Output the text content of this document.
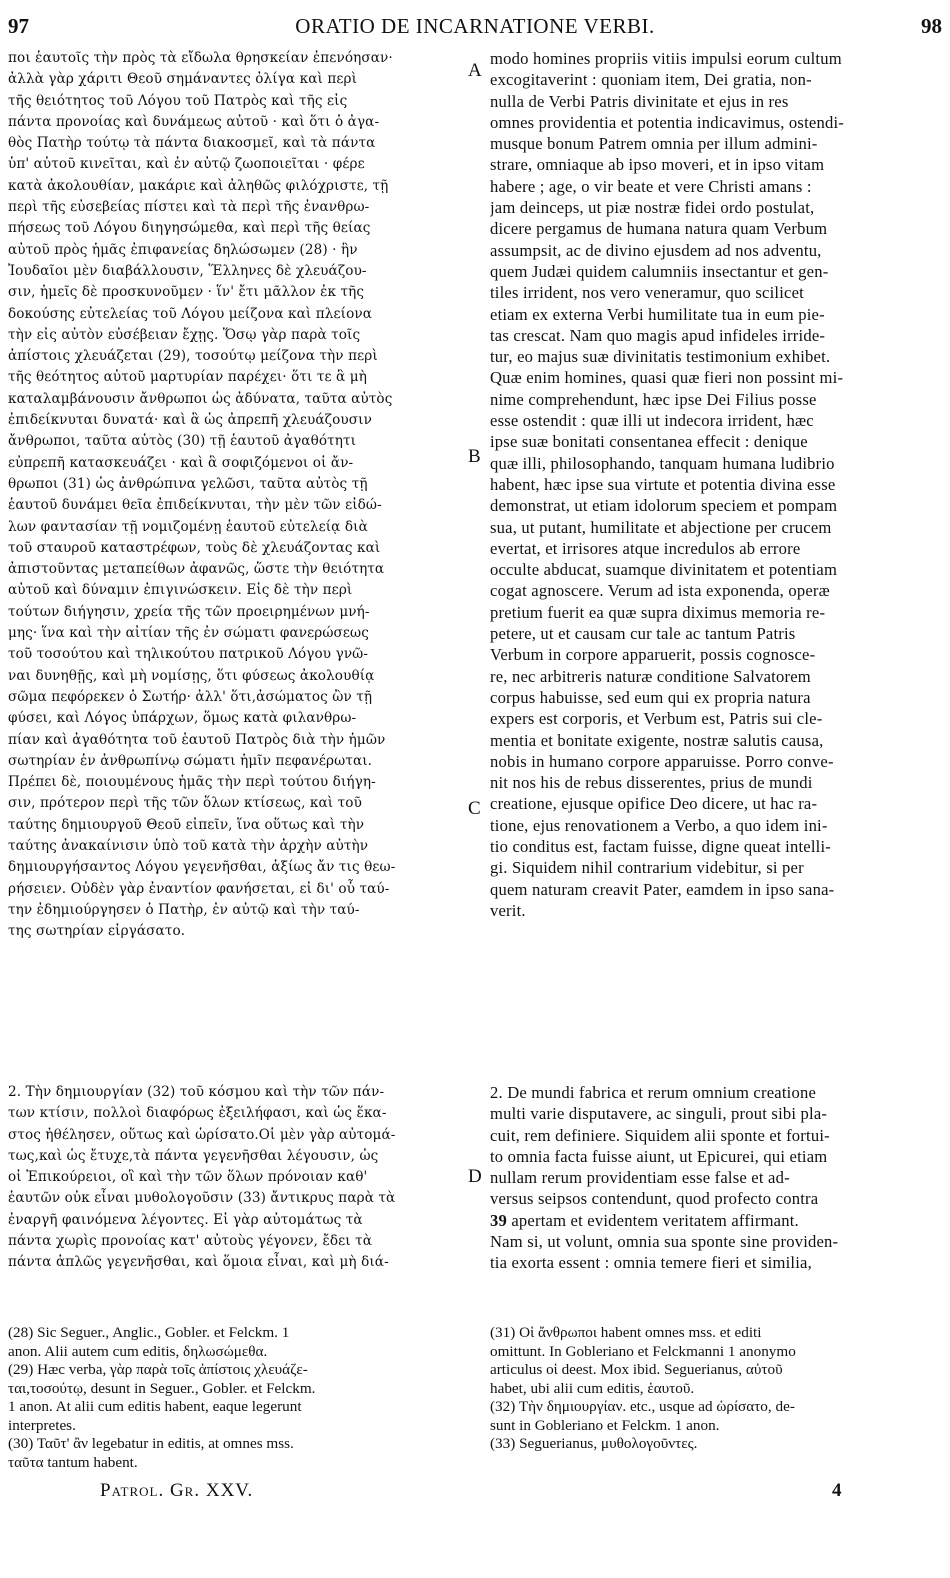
97	ORATIO DE INCARNATIONE VERBI.	98
ποι ἑαυτοῖς τὴν πρὸς τὰ εἴδωλα θρησκείαν ἐπενόησαν·
ἀλλὰ γὰρ χάριτι Θεοῦ σημάναντες ὀλίγα καὶ περὶ
τῆς θειότητος τοῦ Λόγου τοῦ Πατρὸς καὶ τῆς εἰς
πάντα προνοίας καὶ δυνάμεως αὐτοῦ · καὶ ὅτι ὁ ἀγα-
θὸς Πατὴρ τούτῳ τὰ πάντα διακοσμεῖ, καὶ τὰ πάντα
ὑπ' αὐτοῦ κινεῖται, καὶ ἐν αὐτῷ ζωοποιεῖται · φέρε
κατὰ ἀκολουθίαν, μακάριε καὶ ἀληθῶς φιλόχριστε, τῇ
περὶ τῆς εὐσεβείας πίστει καὶ τὰ περὶ τῆς ἐνανθρω-
πήσεως τοῦ Λόγου διηγησώμεθα, καὶ περὶ τῆς θείας
αὐτοῦ πρὸς ἡμᾶς ἐπιφανείας δηλώσωμεν (28) · ἣν
Ἰουδαῖοι μὲν διαβάλλουσιν, Ἕλληνες δὲ χλευάζου-
σιν, ἡμεῖς δὲ προσκυνοῦμεν · ἵν' ἔτι μᾶλλον ἐκ τῆς
δοκούσης εὐτελείας τοῦ Λόγου μείζονα καὶ πλείονα
τὴν εἰς αὐτὸν εὐσέβειαν ἔχῃς. Ὅσῳ γὰρ παρὰ τοῖς
ἀπίστοις χλευάζεται (29), τοσούτῳ μείζονα τὴν περὶ
τῆς θεότητος αὐτοῦ μαρτυρίαν παρέχει· ὅτι τε ἃ μὴ
καταλαμβάνουσιν ἄνθρωποι ὡς ἀδύνατα, ταῦτα αὐτὸς
ἐπιδείκνυται δυνατά· καὶ ἃ ὡς ἀπρεπῆ χλευάζουσιν
ἄνθρωποι, ταῦτα αὐτὸς (30) τῇ ἑαυτοῦ ἀγαθότητι
εὐπρεπῆ κατασκευάζει · καὶ ἃ σοφιζόμενοι οἱ ἄν-
θρωποι (31) ὡς ἀνθρώπινα γελῶσι, ταῦτα αὐτὸς τῇ
ἑαυτοῦ δυνάμει θεῖα ἐπιδείκνυται, τὴν μὲν τῶν εἰδώ-
λων φαντασίαν τῇ νομιζομένῃ ἑαυτοῦ εὐτελείᾳ διὰ
τοῦ σταυροῦ καταστρέφων, τοὺς δὲ χλευάζοντας καὶ
ἀπιστοῦντας μεταπείθων ἀφανῶς, ὥστε τὴν θειότητα
αὐτοῦ καὶ δύναμιν ἐπιγινώσκειν. Εἰς δὲ τὴν περὶ
τούτων διήγησιν, χρεία τῆς τῶν προειρημένων μνή-
μης· ἵνα καὶ τὴν αἰτίαν τῆς ἐν σώματι φανερώσεως
τοῦ τοσούτου καὶ τηλικούτου πατρικοῦ Λόγου γνῶ-
ναι δυνηθῇς, καὶ μὴ νομίσῃς, ὅτι φύσεως ἀκολουθίᾳ
σῶμα πεφόρεκεν ὁ Σωτήρ· ἀλλ' ὅτι,ἀσώματος ὢν τῇ
φύσει, καὶ Λόγος ὑπάρχων, ὅμως κατὰ φιλανθρω-
πίαν καὶ ἀγαθότητα τοῦ ἑαυτοῦ Πατρὸς διὰ τὴν ἡμῶν
σωτηρίαν ἐν ἀνθρωπίνῳ σώματι ἡμῖν πεφανέρωται.
Πρέπει δὲ, ποιουμένους ἡμᾶς τὴν περὶ τούτου διήγη-
σιν, πρότερον περὶ τῆς τῶν ὅλων κτίσεως, καὶ τοῦ
ταύτης δημιουργοῦ Θεοῦ εἰπεῖν, ἵνα οὕτως καὶ τὴν
ταύτης ἀνακαίνισιν ὑπὸ τοῦ κατὰ τὴν ἀρχὴν αὐτὴν
δημιουργήσαντος Λόγου γεγενῆσθαι, ἀξίως ἄν τις θεω-
ρήσειεν. Οὐδὲν γὰρ ἐναντίον φανήσεται, εἰ δι' οὗ ταύ-
την ἐδημιούργησεν ὁ Πατὴρ, ἐν αὐτῷ καὶ τὴν ταύ-
της σωτηρίαν εἰργάσατο.
modo homines propriis vitiis impulsi eorum cultum
excogitaverint : quoniam item, Dei gratia, non-
nulla de Verbi Patris divinitate et ejus in res
omnes providentia et potentia indicavimus, ostendi-
musque bonum Patrem omnia per illum admini-
strare, omniaque ab ipso moveri, et in ipso vitam
habere ; age, o vir beate et vere Christi amans :
jam deinceps, ut piæ nostræ fidei ordo postulat,
dicere pergamus de humana natura quam Verbum
assumpsit, ac de divino ejusdem ad nos adventu,
quem Judæi quidem calumniis insectantur et gen-
tiles irrident, nos vero veneramur, quo scilicet
etiam ex externa Verbi humilitate tua in eum pie-
tas crescat. Nam quo magis apud infideles irride-
tur, eo majus suæ divinitatis testimonium exhibet.
Quæ enim homines, quasi quæ fieri non possint mi-
nime comprehendunt, hæc ipse Dei Filius posse
esse ostendit : quæ illi ut indecora irrident, hæc
ipse suæ bonitati consentanea effecit : denique
quæ illi, philosophando, tanquam humana ludibrio
habent, hæc ipse sua virtute et potentia divina esse
demonstrat, ut etiam idolorum speciem et pompam
sua, ut putant, humilitate et abjectione per crucem
evertat, et irrisores atque incredulos ab errore
occulte abducat, suamque divinitatem et potentiam
cogat agnoscere. Verum ad ista exponenda, operæ
pretium fuerit ea quæ supra diximus memoria re-
petere, ut et causam cur tale ac tantum Patris
Verbum in corpore apparuerit, possis cognosce-
re, nec arbitreris naturæ conditione Salvatorem
corpus habuisse, sed eum qui ex propria natura
expers est corporis, et Verbum est, Patris sui cle-
mentia et bonitate exigente, nostræ salutis causa,
nobis in humano corpore apparuisse. Porro conve-
nit nos his de rebus disserentes, prius de mundi
creatione, ejusque opifice Deo dicere, ut hac ra-
tione, ejus renovationem a Verbo, a quo idem ini-
tio conditus est, factam fuisse, digne queat intelli-
gi. Siquidem nihil contrarium videbitur, si per
quem naturam creavit Pater, eamdem in ipso sana-
verit.
A
B
C
D
2. Τὴν δημιουργίαν (32) τοῦ κόσμου καὶ τὴν τῶν πάν-
των κτίσιν, πολλοὶ διαφόρως ἐξειλήφασι, καὶ ὡς ἕκα-
στος ἠθέλησεν, οὕτως καὶ ὡρίσατο.Οἱ μὲν γὰρ αὐτομά-
τως,καὶ ὡς ἔτυχε,τὰ πάντα γεγενῆσθαι λέγουσιν, ὡς
οἱ Ἐπικούρειοι, οἳ καὶ τὴν τῶν ὅλων πρόνοιαν καθ'
ἑαυτῶν οὐκ εἶναι μυθολογοῦσιν (33) ἄντικρυς παρὰ τὰ
ἐναργῆ φαινόμενα λέγοντες. Εἰ γὰρ αὐτομάτως τὰ
πάντα χωρὶς προνοίας κατ' αὐτοὺς γέγονεν, ἔδει τὰ
πάντα ἁπλῶς γεγενῆσθαι, καὶ ὅμοια εἶναι, καὶ μὴ διά-
2. De mundi fabrica et rerum omnium creatione
multi varie disputavere, ac singuli, prout sibi pla-
cuit, rem definiere. Siquidem alii sponte et fortui-
to omnia facta fuisse aiunt, ut Epicurei, qui etiam
nullam rerum providentiam esse false et ad-
versus seipsos contendunt, quod profecto contra
39 apertam et evidentem veritatem affirmant.
Nam si, ut volunt, omnia sua sponte sine providen-
tia exorta essent : omnia temere fieri et similia,
(28) Sic Seguer., Anglic., Gobler. et Felckm. 1
anon. Alii autem cum editis, δηλωσώμεθα.
(29) Hæc verba, γὰρ παρὰ τοῖς ἀπίστοις χλευάζε-
ται,τοσούτῳ, desunt in Seguer., Gobler. et Felckm.
1 anon. At alii cum editis habent, eaque legerunt
interpretes.
(30) Ταῦτ' ἂν legebatur in editis, at omnes mss.
ταῦτα tantum habent.
(31) Οἱ ἄνθρωποι habent omnes mss. et editi
omittunt. In Gobleriano et Felckmanni 1 anonymo
articulus οἱ deest. Mox ibid. Seguerianus, αὐτοῦ
habet, ubi alii cum editis, ἑαυτοῦ.
(32) Τὴν δημιουργίαν. etc., usque ad ὡρίσατο, de-
sunt in Gobleriano et Felckm. 1 anon.
(33) Seguerianus, μυθολογοῦντες.
Patrol. Gr. XXV.	4
